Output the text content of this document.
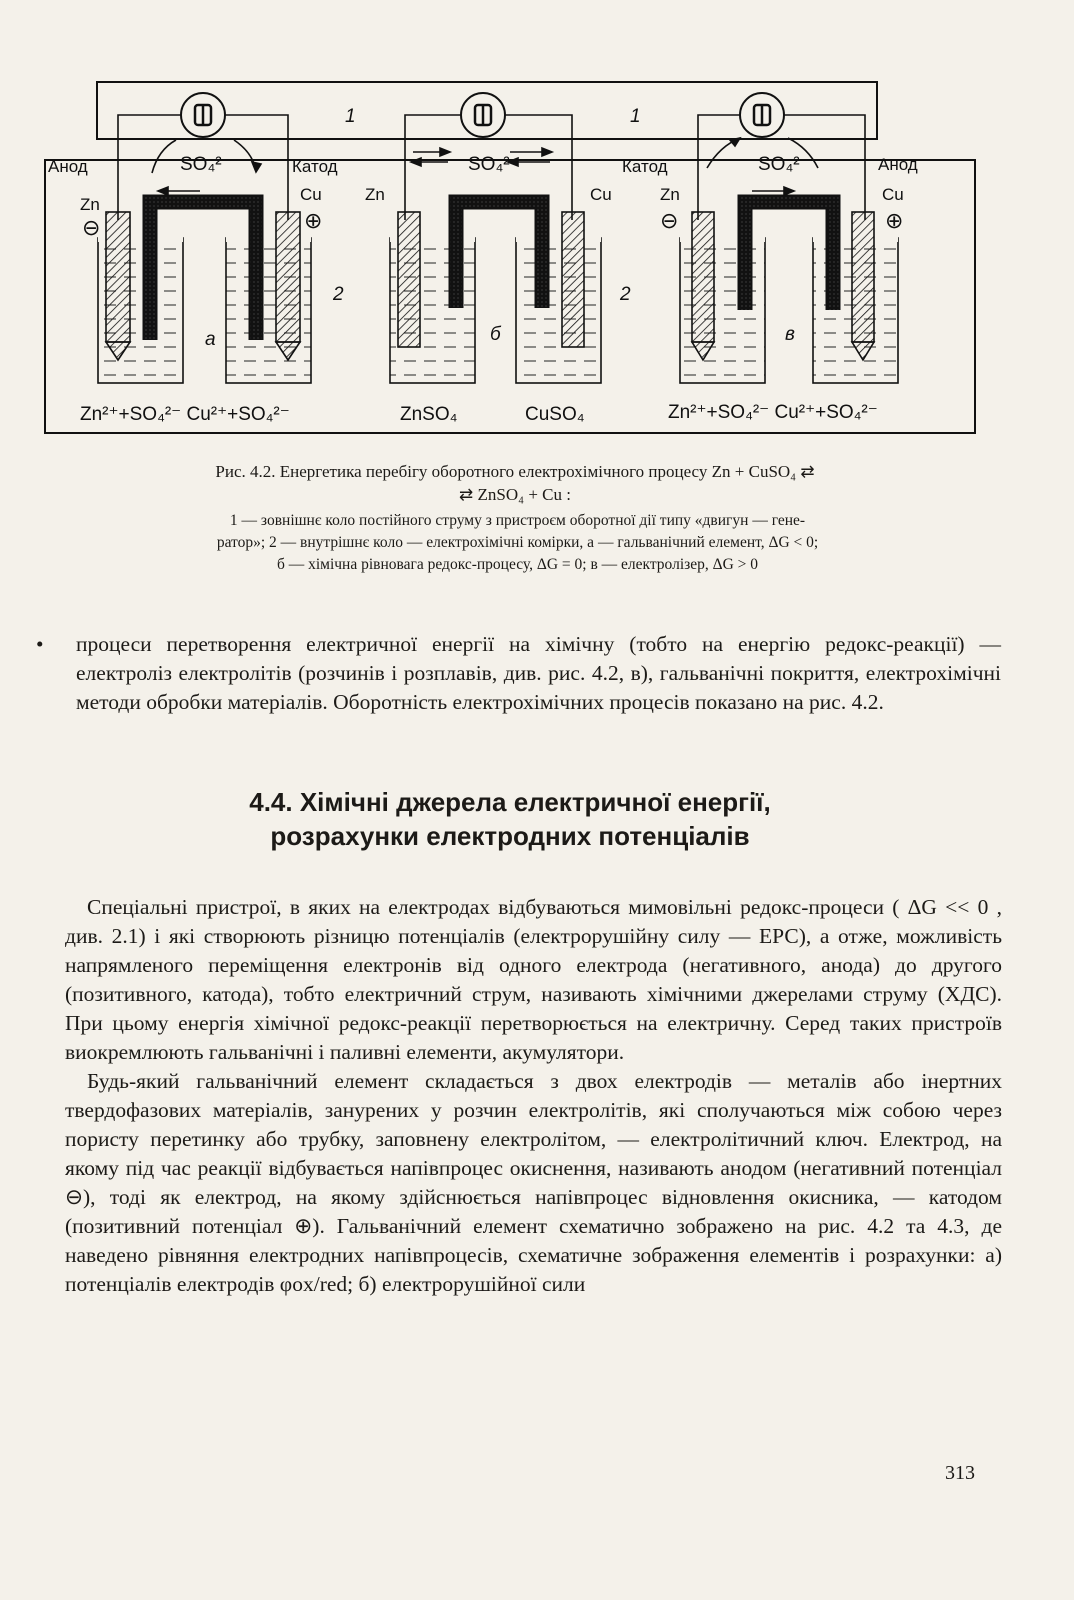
Анод	SO₄²⁻	Катод
1
SO₄²⁻
1
Катод	SO₄²⁻	Анод
Zn
⊖
Cu
⊕
2
а
Zn	Cu
2
б
Zn
⊖
Cu
⊕
в
Zn²⁺+SO₄²⁻ Cu²⁺+SO₄²⁻	ZnSO₄	CuSO₄	Zn²⁺+SO₄²⁻ Cu²⁺+SO₄²⁻
Рис. 4.2. Енергетика перебігу оборотного електрохімічного процесу Zn + CuSO₄ ⇄
⇄ ZnSO₄ + Cu :
1 — зовнішнє коло постійного струму з пристроєм оборотної дії типу «двигун — гене-
ратор»; 2 — внутрішнє коло — електрохімічні комірки, а — гальванічний елемент, ΔG < 0;
б — хімічна рівновага редокс-процесу, ΔG = 0; в — електролізер, ΔG > 0
• процеси перетворення електричної енергії на хімічну (тобто на енергію редокс-реакції) — електроліз електролітів (розчинів і розплавів, див. рис. 4.2, в), гальванічні покриття, електрохімічні методи обробки матеріалів. Оборотність електрохімічних процесів показано на рис. 4.2.
4.4. Хімічні джерела електричної енергії,
розрахунки електродних потенціалів

Спеціальні пристрої, в яких на електродах відбуваються мимовільні редокс-процеси ( ΔG << 0 , див. 2.1) і які створюють різницю потенціалів (електрорушійну силу — ЕРС), а отже, можливість напрямленого переміщення електронів від одного електрода (негативного, анода) до другого (позитивного, катода), тобто електричний струм, називають хімічними джерелами струму (ХДС). При цьому енергія хімічної редокс-реакції перетворюється на електричну. Серед таких пристроїв виокремлюють гальванічні і паливні елементи, акумулятори.

Будь-який гальванічний елемент складається з двох електродів — металів або інертних твердофазових матеріалів, занурених у розчин електролітів, які сполучаються між собою через пористу перетинку або трубку, заповнену електролітом, — електролітичний ключ. Електрод, на якому під час реакції відбувається напівпроцес окиснення, називають анодом (негативний потенціал ⊖), тоді як електрод, на якому здійснюється напівпроцес відновлення окисника, — катодом (позитивний потенціал ⊕). Гальванічний елемент схематично зображено на рис. 4.2 та 4.3, де наведено рівняння електродних напівпроцесів, схематичне зображення елементів і розрахунки: а) потенціалів електродів φox/red; б) електрорушійної сили

313
